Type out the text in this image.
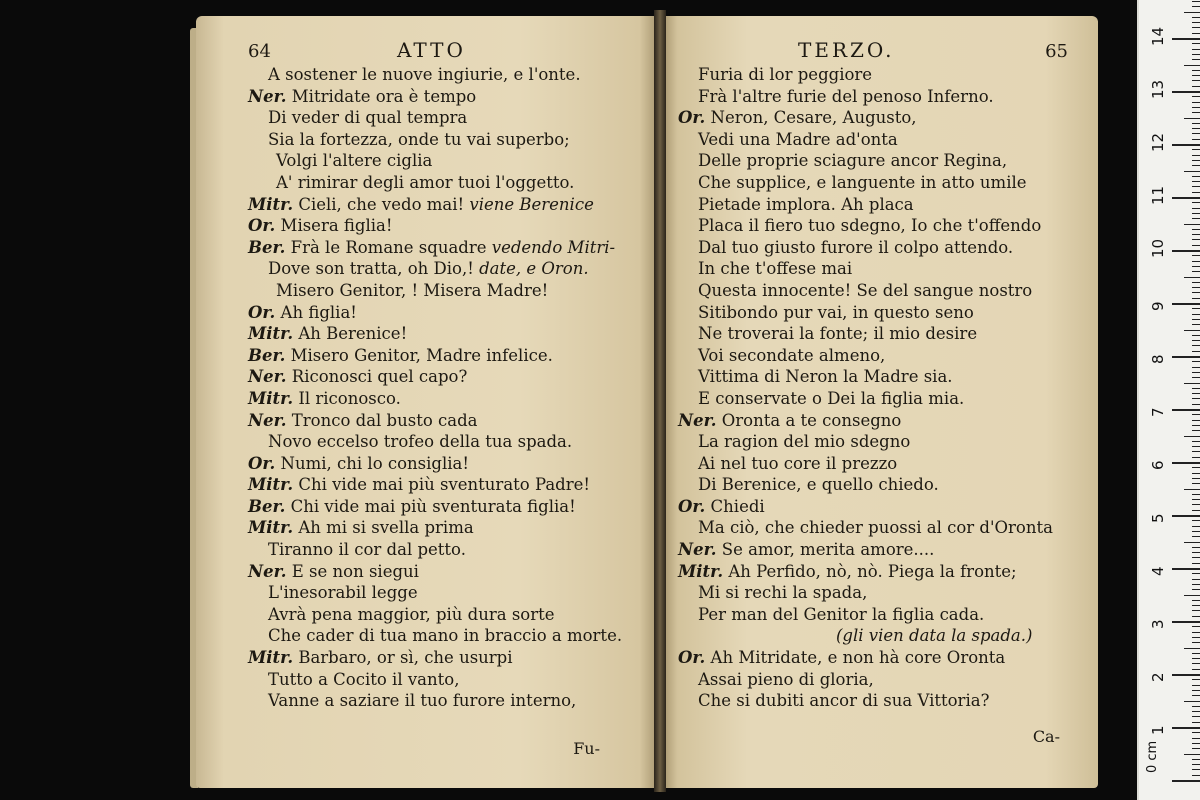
64	ATTO
A sostener le nuove ingiurie, e l'onte.
Ner. Mitridate ora è tempo
Di veder di qual tempra
Sia la fortezza, onde tu vai superbo;
Volgi l'altere ciglia
A' rimirar degli amor tuoi l'oggetto.
Mitr. Cieli, che vedo mai! viene Berenice
Or. Misera figlia!
Ber. Frà le Romane squadre vedendo Mitri-
Dove son tratta, oh Dio,! date, e Oron.
Misero Genitor, ! Misera Madre!
Or. Ah figlia!
Mitr. Ah Berenice!
Ber. Misero Genitor, Madre infelice.
Ner. Riconosci quel capo?
Mitr. Il riconosco.
Ner. Tronco dal busto cada
Novo eccelso trofeo della tua spada.
Or. Numi, chi lo consiglia!
Mitr. Chi vide mai più sventurato Padre!
Ber. Chi vide mai più sventurata figlia!
Mitr. Ah mi si svella prima
Tiranno il cor dal petto.
Ner. E se non siegui
L'inesorabil legge
Avrà pena maggior, più dura sorte
Che cader di tua mano in braccio a morte.
Mitr. Barbaro, or sì, che usurpi
Tutto a Cocito il vanto,
Vanne a saziare il tuo furore interno,
Fu-
TERZO.	65
Furia di lor peggiore
Frà l'altre furie del penoso Inferno.
Or. Neron, Cesare, Augusto,
Vedi una Madre ad'onta
Delle proprie sciagure ancor Regina,
Che supplice, e languente in atto umile
Pietade implora. Ah placa
Placa il fiero tuo sdegno, Io che t'offendo
Dal tuo giusto furore il colpo attendo.
In che t'offese mai
Questa innocente! Se del sangue nostro
Sitibondo pur vai, in questo seno
Ne troverai la fonte; il mio desire
Voi secondate almeno,
Vittima di Neron la Madre sia.
E conservate o Dei la figlia mia.
Ner. Oronta a te consegno
La ragion del mio sdegno
Ai nel tuo core il prezzo
Di Berenice, e quello chiedo.
Or. Chiedi
Ma ciò, che chieder puossi al cor d'Oronta
Ner. Se amor, merita amore....
Mitr. Ah Perfido, nò, nò. Piega la fronte;
Mi si rechi la spada,
Per man del Genitor la figlia cada.
(gli vien data la spada.)
Or. Ah Mitridate, e non hà core Oronta
Assai pieno di gloria,
Che si dubiti ancor di sua Vittoria?
Ca-
0 cm
1
2
3
4
5
6
7
8
9
10
11
12
13
14
